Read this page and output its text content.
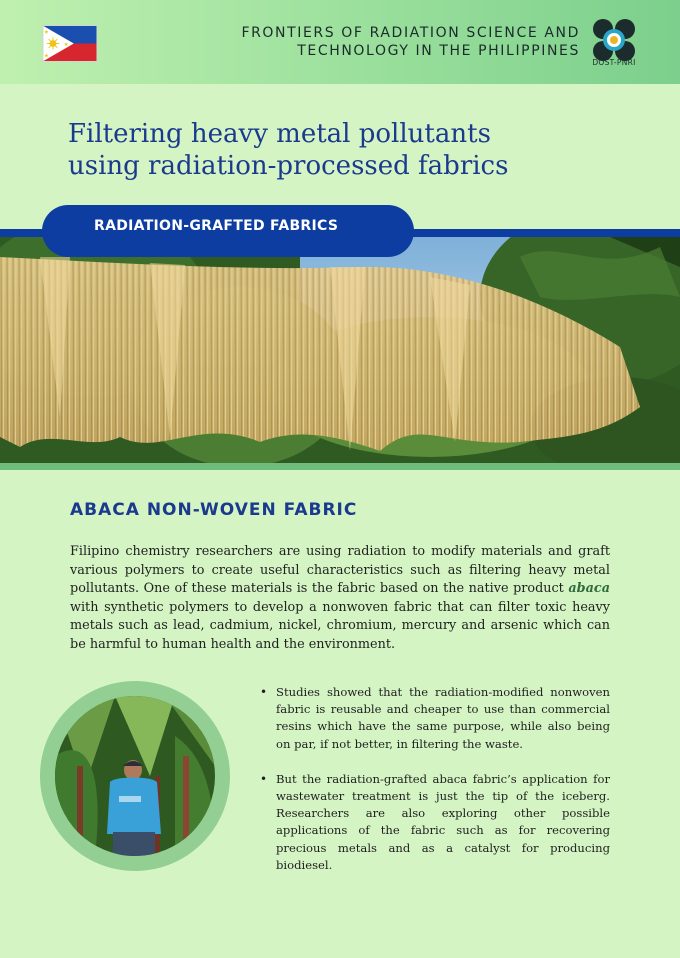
FRONTIERS OF RADIATION SCIENCE AND
TECHNOLOGY IN THE PHILIPPINES
DOST-PNRI
Filtering heavy metal pollutants
using radiation-processed fabrics
RADIATION-GRAFTED FABRICS
ABACA NON-WOVEN FABRIC

Filipino chemistry researchers are using radiation to modify materials and graft various polymers to create useful characteristics such as filtering heavy metal pollutants. One of these materials is the fabric based on the native product abaca with synthetic polymers to develop a nonwoven fabric that can filter toxic heavy metals such as lead, cadmium, nickel, chromium, mercury and arsenic which can be harmful to human health and the environment.

• Studies showed that the radiation-modified nonwoven fabric is reusable and cheaper to use than commercial resins which have the same purpose, while also being on par, if not better, in filtering the waste.
• But the radiation-grafted abaca fabric’s application for wastewater treatment is just the tip of the iceberg. Researchers are also exploring other possible applications of the fabric such as for recovering precious metals and as a catalyst for producing biodiesel.
